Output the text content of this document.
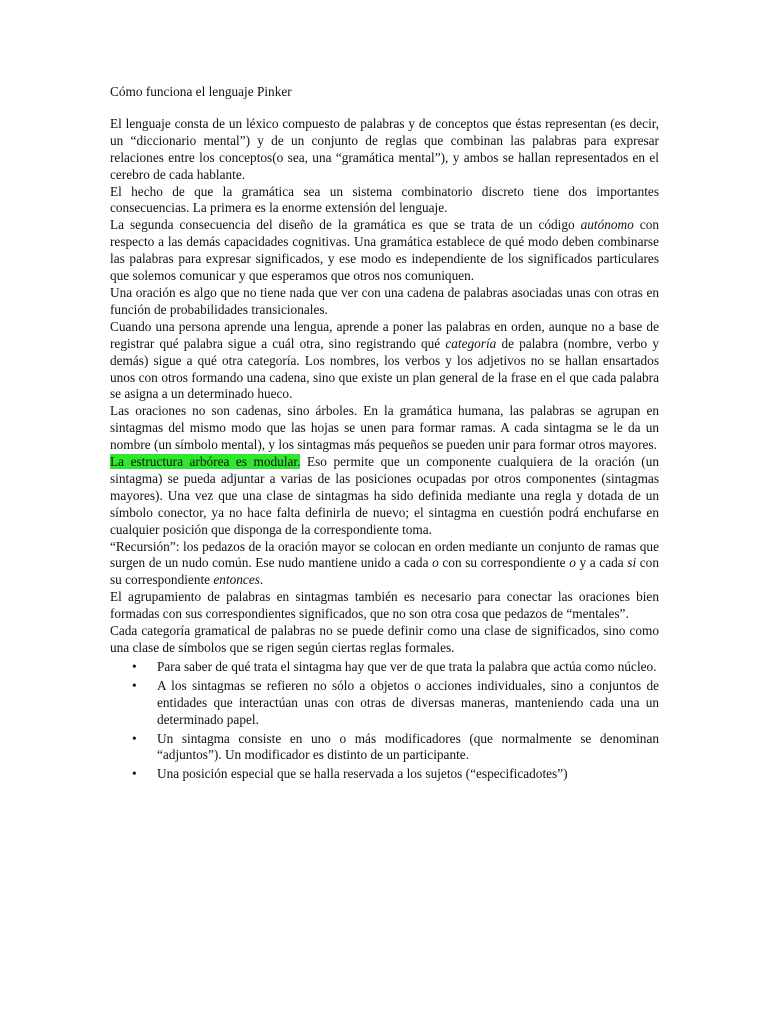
Cómo funciona el lenguaje Pinker

El lenguaje consta de un léxico compuesto de palabras y de conceptos que éstas representan (es decir, un “diccionario mental”) y de un conjunto de reglas que combinan las palabras para expresar relaciones entre los conceptos(o sea, una “gramática mental”), y ambos se hallan representados en el cerebro de cada hablante.

El hecho de que la gramática sea un sistema combinatorio discreto tiene dos importantes consecuencias. La primera es la enorme extensión del lenguaje.

La segunda consecuencia del diseño de la gramática es que se trata de un código autónomo con respecto a las demás capacidades cognitivas. Una gramática establece de qué modo deben combinarse las palabras para expresar significados, y ese modo es independiente de los significados particulares que solemos comunicar y que esperamos que otros nos comuniquen.

Una oración es algo que no tiene nada que ver con una cadena de palabras asociadas unas con otras en función de probabilidades transicionales.

Cuando una persona aprende una lengua, aprende a poner las palabras en orden, aunque no a base de registrar qué palabra sigue a cuál otra, sino registrando qué categoría de palabra (nombre, verbo y demás) sigue a qué otra categoría. Los nombres, los verbos y los adjetivos no se hallan ensartados unos con otros formando una cadena, sino que existe un plan general de la frase en el que cada palabra se asigna a un determinado hueco.

Las oraciones no son cadenas, sino árboles. En la gramática humana, las palabras se agrupan en sintagmas del mismo modo que las hojas se unen para formar ramas. A cada sintagma se le da un nombre (un símbolo mental), y los sintagmas más pequeños se pueden unir para formar otros mayores.

La estructura arbórea es modular. Eso permite que un componente cualquiera de la oración (un sintagma) se pueda adjuntar a varias de las posiciones ocupadas por otros componentes (sintagmas mayores). Una vez que una clase de sintagmas ha sido definida mediante una regla y dotada de un símbolo conector, ya no hace falta definirla de nuevo; el sintagma en cuestión podrá enchufarse en cualquier posición que disponga de la correspondiente toma.

“Recursión”: los pedazos de la oración mayor se colocan en orden mediante un conjunto de ramas que surgen de un nudo común. Ese nudo mantiene unido a cada o con su correspondiente o y a cada si con su correspondiente entonces.

El agrupamiento de palabras en sintagmas también es necesario para conectar las oraciones bien formadas con sus correspondientes significados, que no son otra cosa que pedazos de “mentales”.

Cada categoría gramatical de palabras no se puede definir como una clase de significados, sino como una clase de símbolos que se rigen según ciertas reglas formales.

• Para saber de qué trata el sintagma hay que ver de que trata la palabra que actúa como núcleo.
• A los sintagmas se refieren no sólo a objetos o acciones individuales, sino a conjuntos de entidades que interactúan unas con otras de diversas maneras, manteniendo cada una un determinado papel.
• Un sintagma consiste en uno o más modificadores (que normalmente se denominan “adjuntos”). Un modificador es distinto de un participante.
• Una posición especial que se halla reservada a los sujetos (“especificadotes”)
